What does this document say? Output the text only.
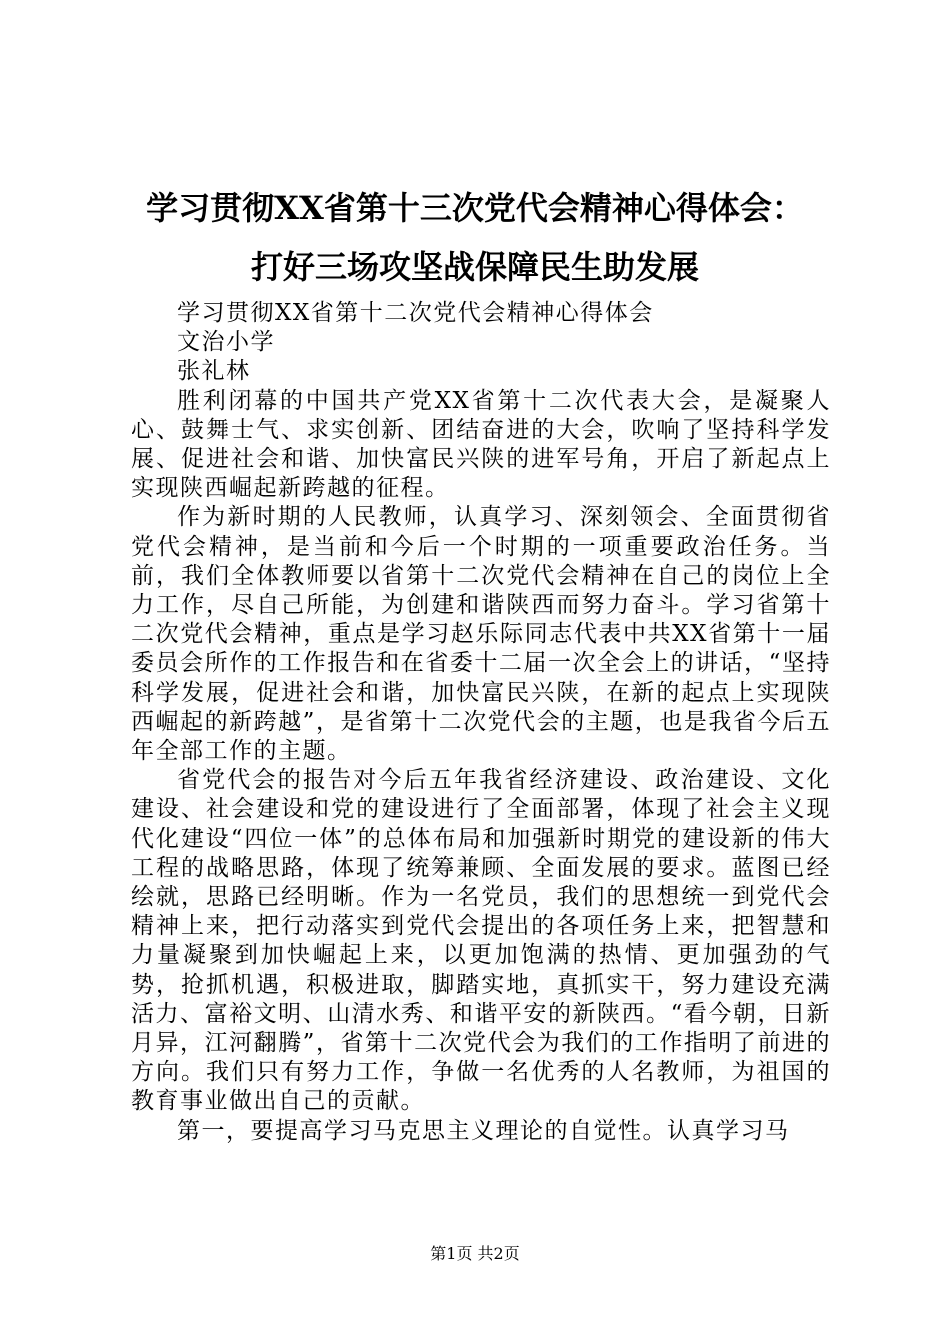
学习贯彻XX省第十三次党代会精神心得体会：
打好三场攻坚战保障民生助发展

学习贯彻XX省第十二次党代会精神心得体会

文治小学

张礼林

胜利闭幕的中国共产党XX省第十二次代表大会，是凝聚人心、鼓舞士气、求实创新、团结奋进的大会，吹响了坚持科学发展、促进社会和谐、加快富民兴陕的进军号角，开启了新起点上实现陕西崛起新跨越的征程。

作为新时期的人民教师，认真学习、深刻领会、全面贯彻省党代会精神，是当前和今后一个时期的一项重要政治任务。当前，我们全体教师要以省第十二次党代会精神在自己的岗位上全力工作，尽自己所能，为创建和谐陕西而努力奋斗。学习省第十二次党代会精神，重点是学习赵乐际同志代表中共XX省第十一届委员会所作的工作报告和在省委十二届一次全会上的讲话，“坚持科学发展，促进社会和谐，加快富民兴陕，在新的起点上实现陕西崛起的新跨越”，是省第十二次党代会的主题，也是我省今后五年全部工作的主题。

省党代会的报告对今后五年我省经济建设、政治建设、文化建设、社会建设和党的建设进行了全面部署，体现了社会主义现代化建设“四位一体”的总体布局和加强新时期党的建设新的伟大工程的战略思路，体现了统筹兼顾、全面发展的要求。蓝图已经绘就，思路已经明晰。作为一名党员，我们的思想统一到党代会精神上来，把行动落实到党代会提出的各项任务上来，把智慧和力量凝聚到加快崛起上来，以更加饱满的热情、更加强劲的气势，抢抓机遇，积极进取，脚踏实地，真抓实干，努力建设充满活力、富裕文明、山清水秀、和谐平安的新陕西。“看今朝，日新月异，江河翻腾”，省第十二次党代会为我们的工作指明了前进的方向。我们只有努力工作，争做一名优秀的人名教师，为祖国的教育事业做出自己的贡献。

第一，要提高学习马克思主义理论的自觉性。认真学习马

第1页 共2页
